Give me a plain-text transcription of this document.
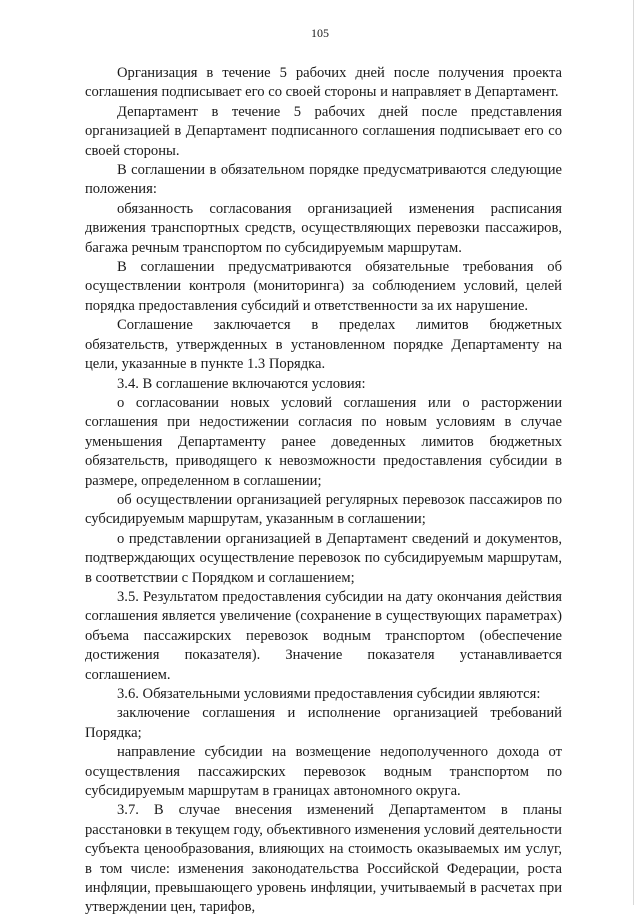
105

Организация в течение 5 рабочих дней после получения проекта соглашения подписывает его со своей стороны и направляет в Департамент.

Департамент в течение 5 рабочих дней после представления организацией в Департамент подписанного соглашения подписывает его со своей стороны.

В соглашении в обязательном порядке предусматриваются следующие положения:

обязанность согласования организацией изменения расписания движения транспортных средств, осуществляющих перевозки пассажиров, багажа речным транспортом по субсидируемым маршрутам.

В соглашении предусматриваются обязательные требования об осуществлении контроля (мониторинга) за соблюдением условий, целей порядка предоставления субсидий и ответственности за их нарушение.

Соглашение заключается в пределах лимитов бюджетных обязательств, утвержденных в установленном порядке Департаменту на цели, указанные в пункте 1.3 Порядка.

3.4. В соглашение включаются условия:

о согласовании новых условий соглашения или о расторжении соглашения при недостижении согласия по новым условиям в случае уменьшения Департаменту ранее доведенных лимитов бюджетных обязательств, приводящего к невозможности предоставления субсидии в размере, определенном в соглашении;

об осуществлении организацией регулярных перевозок пассажиров по субсидируемым маршрутам, указанным в соглашении;

о представлении организацией в Департамент сведений и документов, подтверждающих осуществление перевозок по субсидируемым маршрутам, в соответствии с Порядком и соглашением;

3.5. Результатом предоставления субсидии на дату окончания действия соглашения является увеличение (сохранение в существующих параметрах) объема пассажирских перевозок водным транспортом (обеспечение достижения показателя). Значение показателя устанавливается соглашением.

3.6. Обязательными условиями предоставления субсидии являются:

заключение соглашения и исполнение организацией требований Порядка;

направление субсидии на возмещение недополученного дохода от осуществления пассажирских перевозок водным транспортом по субсидируемым маршрутам в границах автономного округа.

3.7. В случае внесения изменений Департаментом в планы расстановки в текущем году, объективного изменения условий деятельности субъекта ценообразования, влияющих на стоимость оказываемых им услуг, в том числе: изменения законодательства Российской Федерации, роста инфляции, превышающего уровень инфляции, учитываемый в расчетах при утверждении цен, тарифов,
